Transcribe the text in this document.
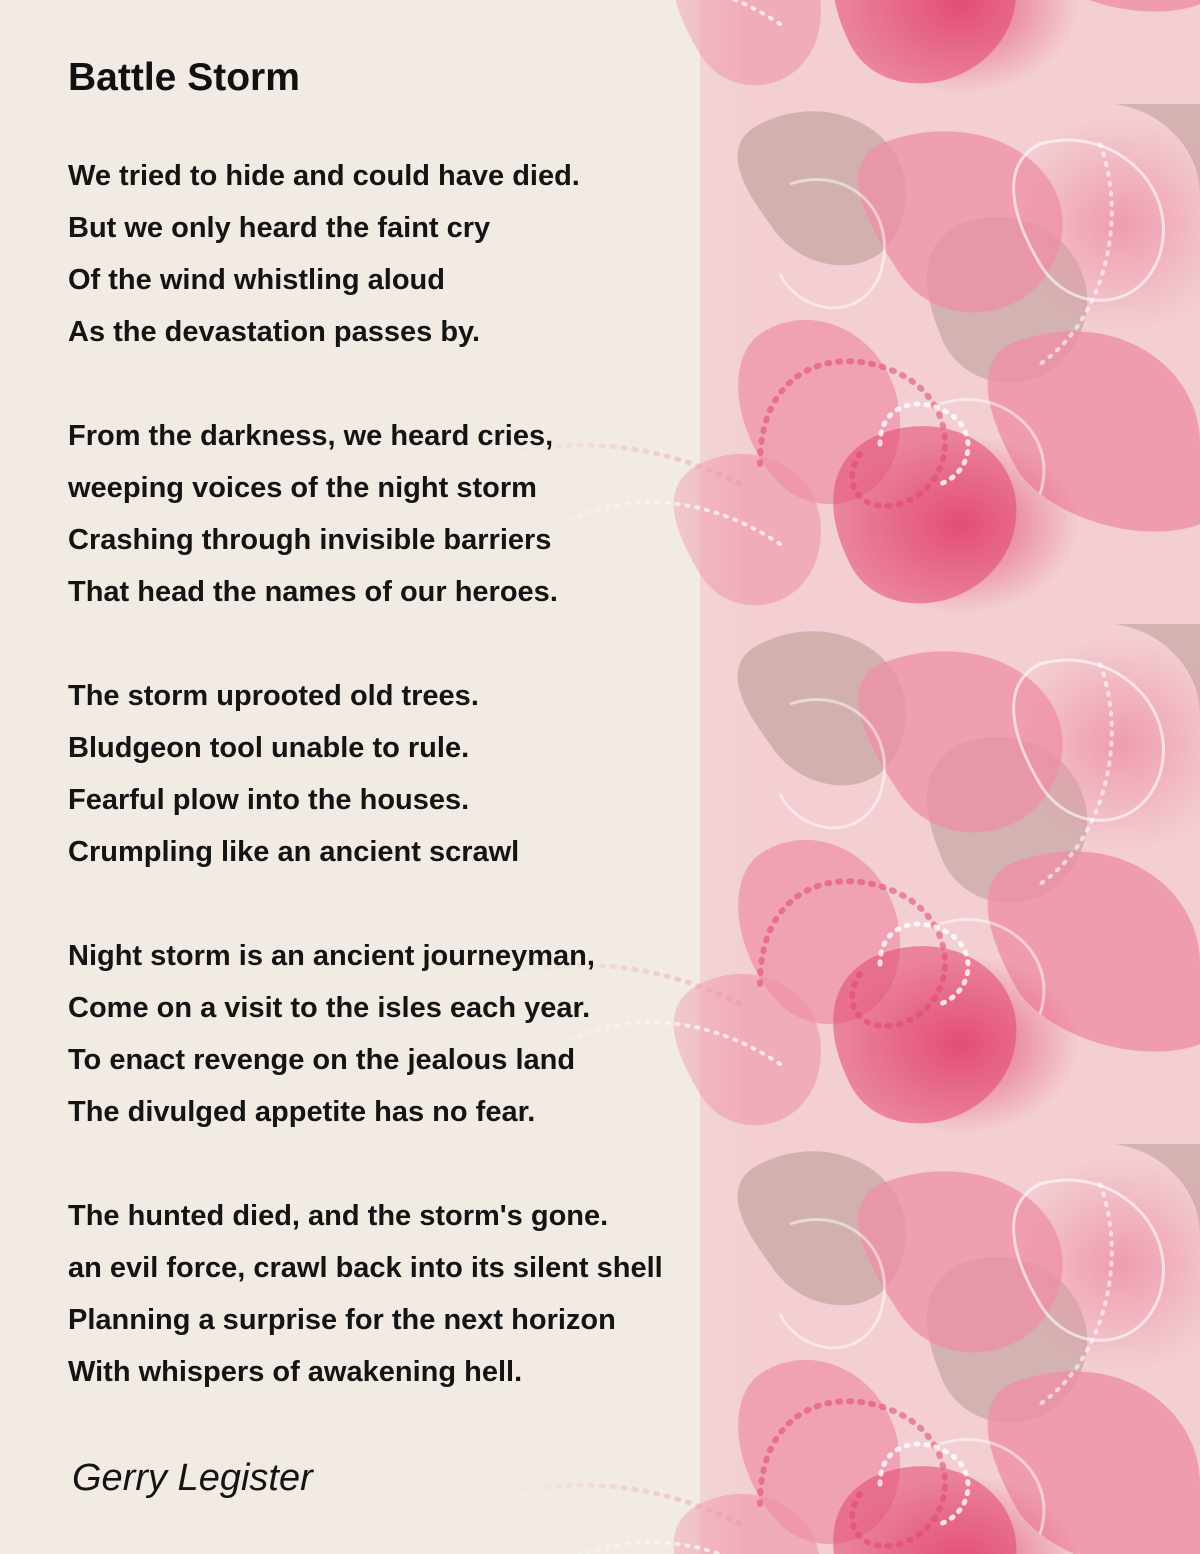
Battle Storm
We tried to hide and could have died.
But we only heard the faint cry
Of the wind whistling aloud
As the devastation passes by.
From the darkness, we heard cries,
weeping voices of the night storm
Crashing through invisible barriers
That head the names of our heroes.
The storm uprooted old trees.
Bludgeon tool unable to rule.
Fearful plow into the houses.
Crumpling like an ancient scrawl
Night storm is an ancient journeyman,
Come on a visit to the isles each year.
To enact revenge on the jealous land
The divulged appetite has no fear.
The hunted died, and the storm's gone.
an evil force, crawl back into its silent shell
Planning a surprise for the next horizon
With whispers of awakening hell.
Gerry Legister
